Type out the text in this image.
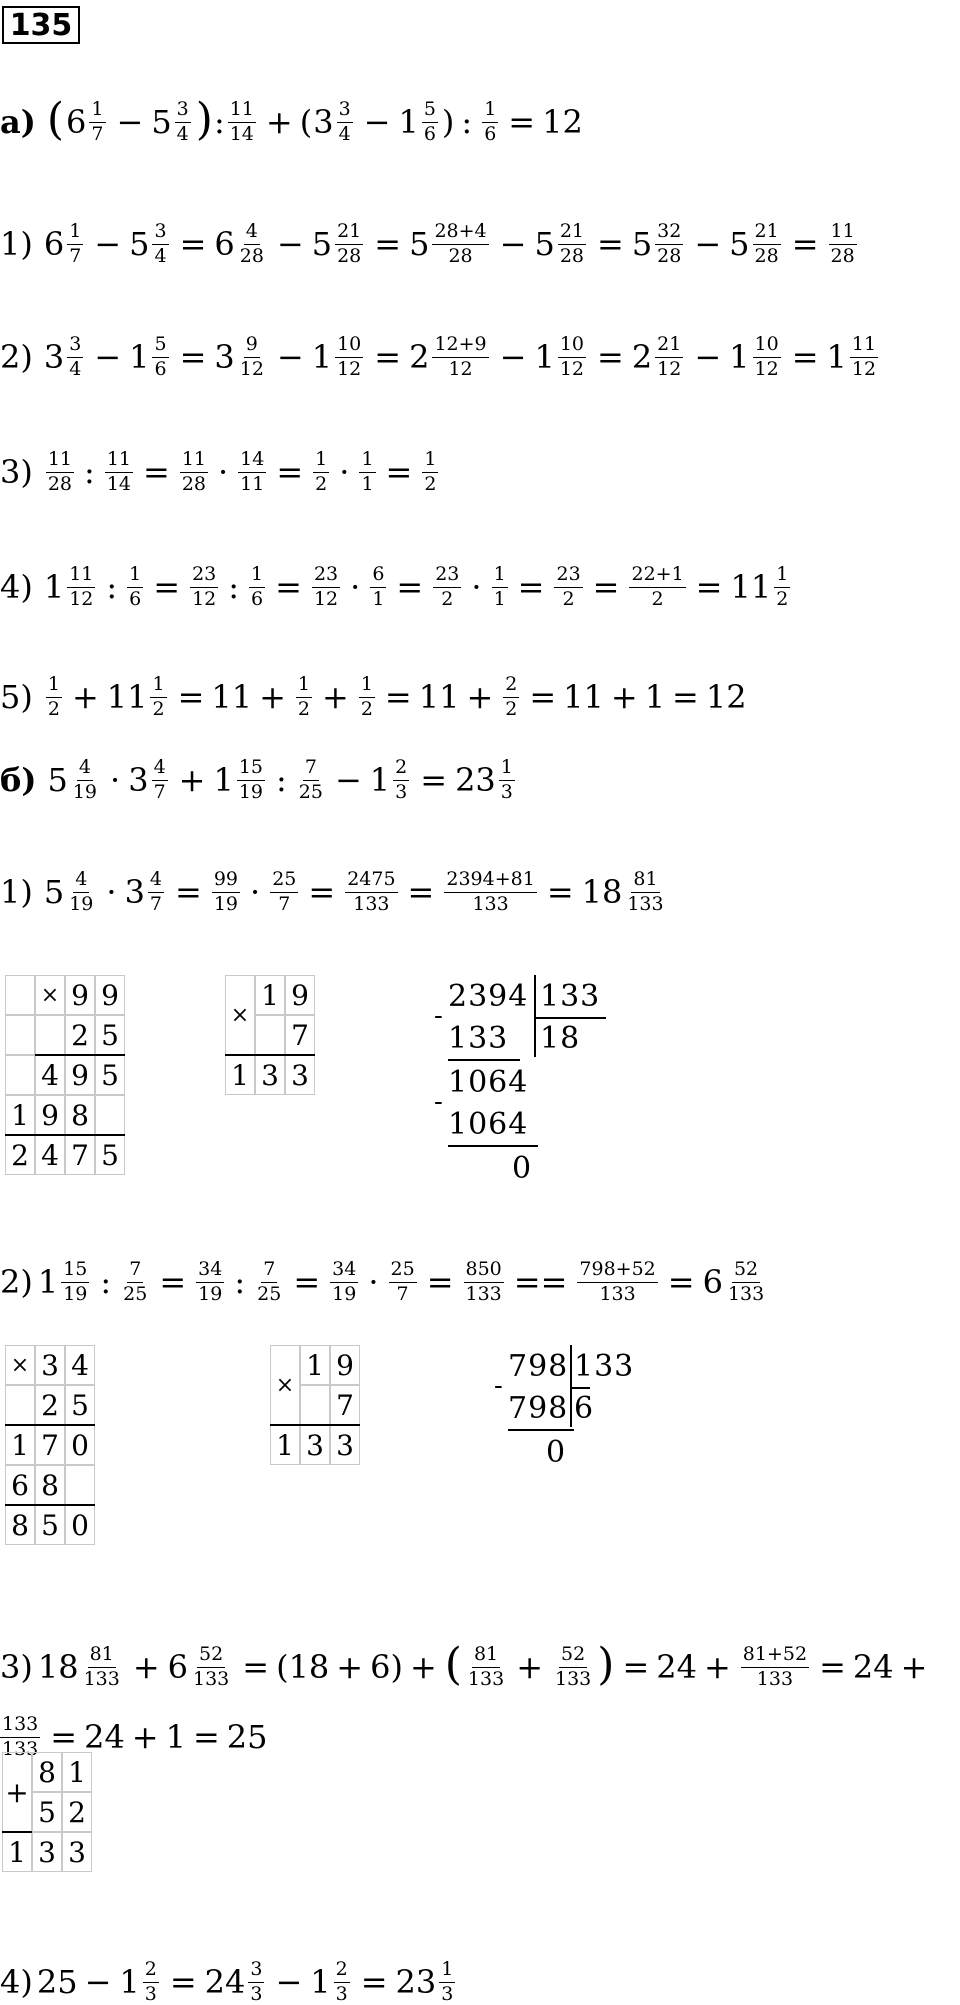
135
а) ( $6 \frac{1}{7} - 5 \frac{3}{4}$ ) : $\frac{11}{14}$ + ( $3 \frac{3}{4} - 1 \frac{5}{6}$ ) : $\frac{1}{6} = 12$
1) $6 \frac{1}{7} - 5 \frac{3}{4} = 6 \frac{4}{28} - 5 \frac{21}{28} = 5 \frac{28+4}{28} - 5 \frac{21}{28} = 5 \frac{32}{28} - 5 \frac{21}{28} = \frac{11}{28}$
2) $3 \frac{3}{4} - 1 \frac{5}{6} = 3 \frac{9}{12} - 1 \frac{10}{12} = 2 \frac{12+9}{12} - 1 \frac{10}{12} = 2 \frac{21}{12} - 1 \frac{10}{12} = 1 \frac{11}{12}$
$3) \frac{11}{28}$ : $\frac{11}{14} = \frac{11}{28} \cdot \frac{14}{11} = \frac{1}{2} \cdot \frac{1}{1} = \frac{1}{2}$
4) $1 \frac{11}{12}$ : $\frac{1}{6} = \frac{23}{12}$ : $\frac{1}{6} = \frac{23}{12} \cdot \frac{6}{1} = \frac{23}{2} \cdot \frac{1}{1} = \frac{23}{2} = \frac{22+1}{2} = 11 \frac{1}{2}$
$5) \frac{1}{2} + 11 \frac{1}{2} = 11 + \frac{1}{2} + \frac{1}{2} = 11 + \frac{2}{2} = 11 + 1 = 12$
б) $5 \frac{4}{19} \cdot 3 \frac{4}{7} + 1 \frac{15}{19}$ : $\frac{7}{25} - 1 \frac{2}{3} = 23 \frac{1}{3}$
1) $5 \frac{4}{19} \cdot 3 \frac{4}{7} = \frac{99}{19} \cdot \frac{25}{7} = \frac{2475}{133} = \frac{2394+81}{133} = 18 \frac{81}{133}$
× 9 9
2 5
4 9 5
1 9 8
2 4 7 5
×
1 9
7
1 3 3
2394 133
-
133 18
1064
-
1064
0
2) $1 \frac{15}{19}$ : $\frac{7}{25} = \frac{34}{19}$ : $\frac{7}{25} = \frac{34}{19} \cdot \frac{25}{7} = \frac{850}{133} == \frac{798+52}{133} = 6 \frac{52}{133}$
× 3 4
2 5
1 7 0
6 8
8 5 0
×
1 9
7
1 3 3
798 133
-
798 6
0
3) $18 \frac{81}{133} + 6 \frac{52}{133}$ = ( 18 + 6 ) + ( $\frac{81}{133} + \frac{52}{133}$ ) = $24 + \frac{81+52}{133} = 24$ +
$\frac{133}{133} = 24 + 1 = 25$
+
8 1
5 2
1 3 3
4) $25 - 1 \frac{2}{3} = 24 \frac{3}{3} - 1 \frac{2}{3} = 23 \frac{1}{3}$
